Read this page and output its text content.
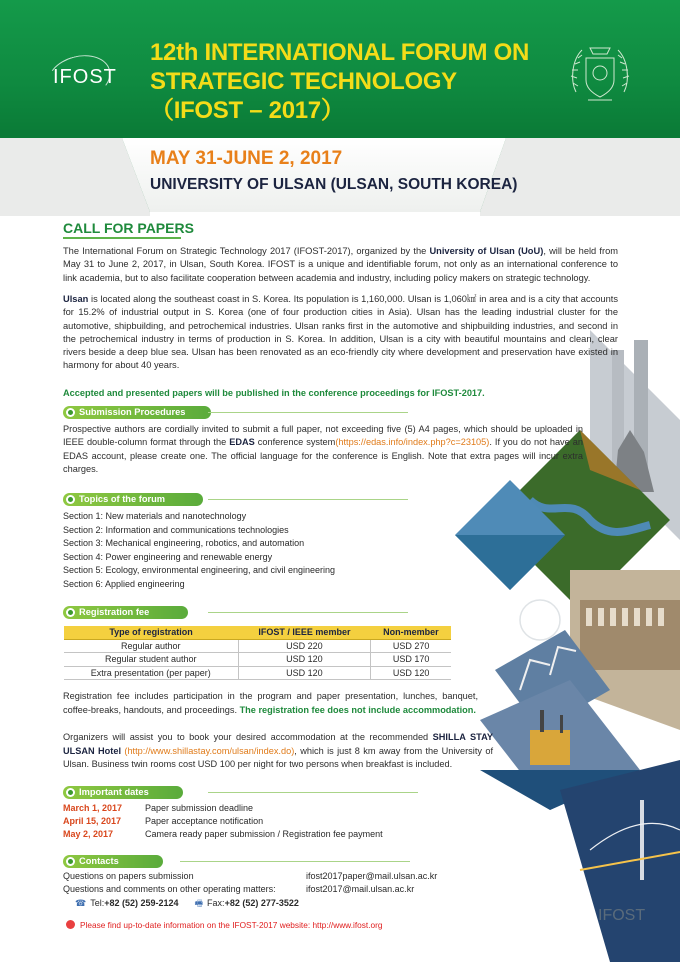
IFOST
12th INTERNATIONAL FORUM ON
STRATEGIC TECHNOLOGY
（IFOST – 2017）
MAY 31-JUNE 2, 2017
UNIVERSITY OF ULSAN (ULSAN, SOUTH KOREA)
CALL FOR PAPERS

The International Forum on Strategic Technology 2017 (IFOST-2017), organized by the University of Ulsan (UoU), will be held from May 31 to June 2, 2017, in Ulsan, South Korea. IFOST is a unique and identifiable forum, not only as an international conference to link academia, but to also facilitate cooperation between academia and industry, including policy makers on strategic technology.

Ulsan is located along the southeast coast in S. Korea. Its population is 1,160,000. Ulsan is 1,060㎢ in area and is a city that accounts for 15.2% of industrial output in S. Korea (one of four production cities in Asia). Ulsan has the leading industrial cluster for the automotive, shipbuilding, and petrochemical industries. Ulsan ranks first in the automotive and shipbuilding industries, and second in the petrochemical industry in terms of production in S. Korea. In addition, Ulsan is a city with beautiful mountains and clean, clear rivers beside a deep blue sea. Ulsan has been renovated as an eco-friendly city where development and preservation have existed in harmony for about 40 years.

Accepted and presented papers will be published in the conference proceedings for IFOST-2017.
Submission Procedures

Prospective authors are cordially invited to submit a full paper, not exceeding five (5) A4 pages, which should be uploaded in IEEE double-column format through the EDAS conference system(https://edas.info/index.php?c=23105). If you do not have an EDAS account, please create one. The official language for the conference is English. Note that extra pages will incur extra charges.

Topics of the forum
Section 1: New materials and nanotechnology
Section 2: Information and communications technologies
Section 3: Mechanical engineering, robotics, and automation
Section 4: Power engineering and renewable energy
Section 5: Ecology, environmental engineering, and civil engineering
Section 6: Applied engineering
Registration fee
Type of registration	IFOST / IEEE member	Non-member
Regular author	USD 220	USD 270
Regular student author	USD 120	USD 170
Extra presentation (per paper)	USD 120	USD 120

Registration fee includes participation in the program and paper presentation, lunches, banquet, coffee-breaks, handouts, and proceedings. The registration fee does not include accommodation.

Organizers will assist you to book your desired accommodation at the recommended SHILLA STAY ULSAN Hotel (http://www.shillastay.com/ulsan/index.do), which is just 8 km away from the University of Ulsan. Business twin rooms cost USD 100 per night for two persons when breakfast is included.

Important dates
March 1, 2017	Paper submission deadline
April 15, 2017	Paper acceptance notification
May 2, 2017	Camera ready paper submission / Registration fee payment
Contacts
Questions on papers submission	ifost2017paper@mail.ulsan.ac.kr
Questions and comments on other operating matters:	ifost2017@mail.ulsan.ac.kr
☎ Tel: +82 (52) 259-2124 🖷 Fax: +82 (52) 277-3522
Please find up-to-date information on the IFOST-2017 website: http://www.ifost.org
IFOST
